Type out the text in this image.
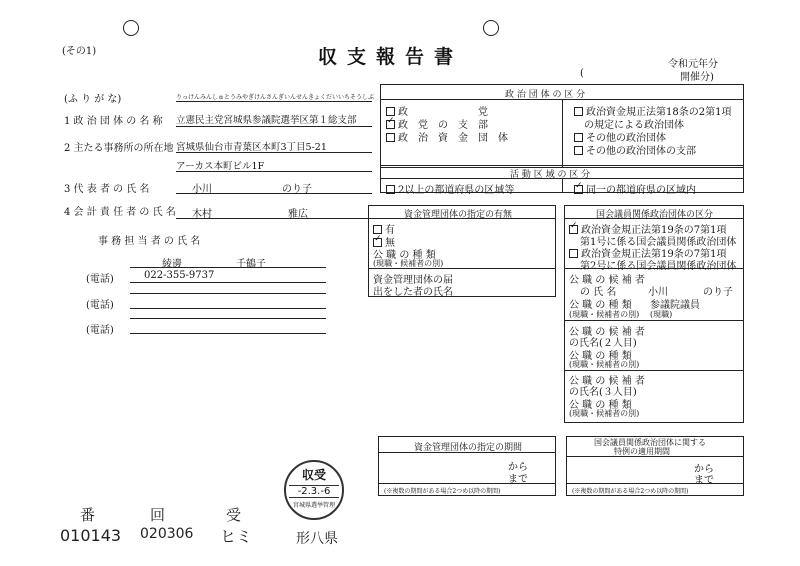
(その1)	収支報告書	令和元年分
(	開催分)
(ふ り が な)	りっけんみんしゅとうみやぎけんさんぎいんせんきょくだいいちそうしぶ
1 政 治 団 体 の 名 称 立憲民主党宮城県参議院選挙区第１総支部
2 主たる事務所の所在地 宮城県仙台市青葉区本町3丁目5-21
アーカス本町ビル1F
3 代 表 者 の 氏 名	小川	のり子
4 会 計 責 任 者 の 氏 名 木村	雅広
事 務 担 当 者 の 氏 名
綾邊	千鶴子
(電話)	022-355-9737
(電話)
(電話)
政 治 団 体 の 区 分
政　　　　　　　党
✓政　党　の　支　部
政　治　資　金　団　体
政治資金規正法第18条の2第1項
の規定による政治団体
その他の政治団体
その他の政治団体の支部
活 動 区 域 の 区 分
2以上の都道府県の区域等
✓	同一の都道府県の区域内
資金管理団体の指定の有無
有
✓無
公 職 の 種 類
(現職・候補者の別)
資金管理団体の届
出をした者の氏名
国会議員関係政治団体の区分
✓政治資金規正法第19条の7第1項
第1号に係る国会議員関係政治団体
政治資金規正法第19条の7第1項
第2号に係る国会議員関係政治団体
公 職 の 候 補 者
の 氏 名	小川	のり子
公 職 の 種 類 参議院議員
(現職・候補者の別) (現職)
公 職 の 候 補 者
の氏名(２人目)
公 職 の 種 類
(現職・候補者の別)
公 職 の 候 補 者
の氏名(３人目)
公 職 の 種 類
(現職・候補者の別)
資金管理団体の指定の期間
から
まで
(※複数の期間がある場合2つめ以降の期間)
国会議員関係政治団体に関する
特例の適用期間
から
まで
(※複数の期間がある場合2つめ以降の期間)
収受
-2.3.-6
宮城県選挙管理
番	回	受
010143 020306 ヒミ	形八県
